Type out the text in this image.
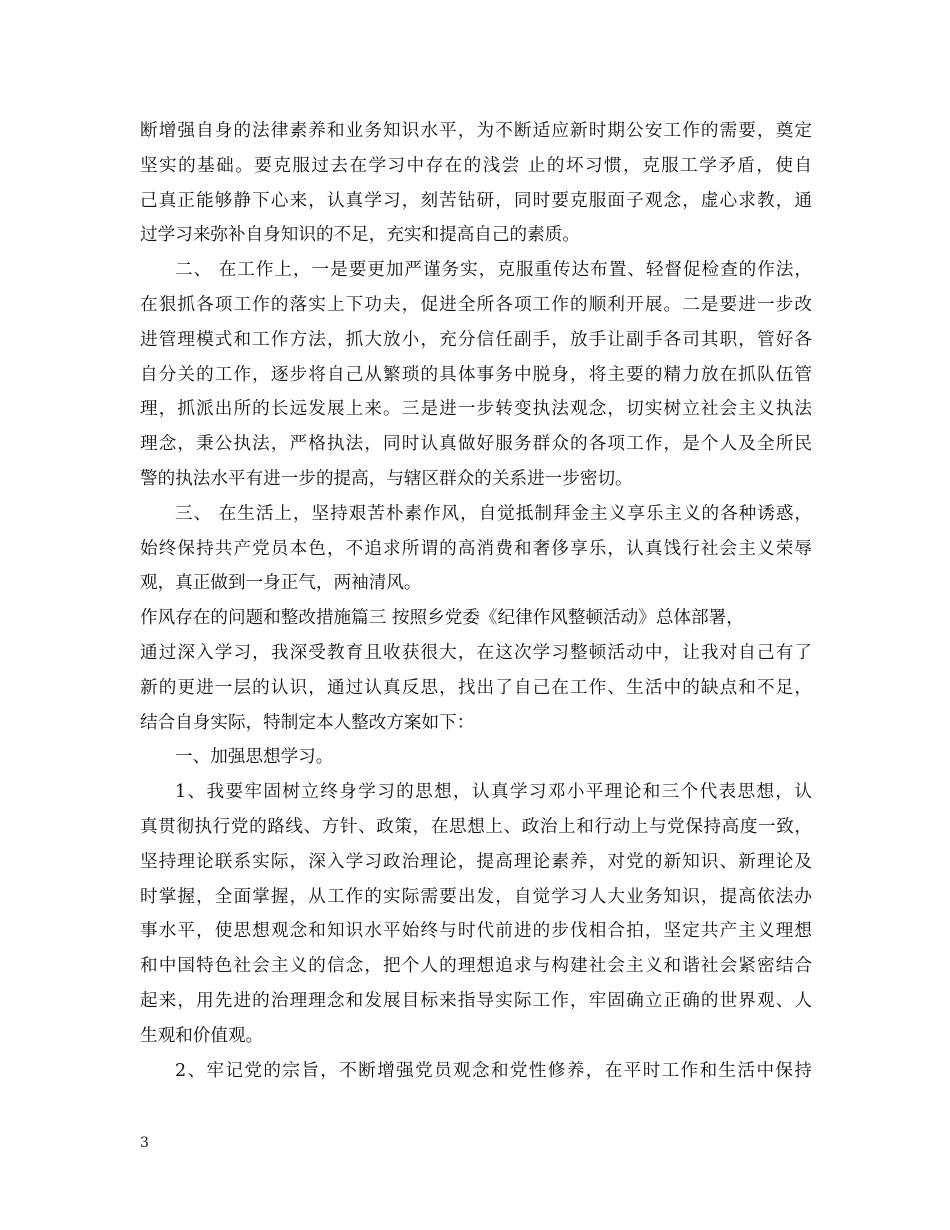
断增强自身的法律素养和业务知识水平，为不断适应新时期公安工作的需要，奠定
坚实的基础。要克服过去在学习中存在的浅尝 止的坏习惯，克服工学矛盾，使自
己真正能够静下心来，认真学习，刻苦钻研，同时要克服面子观念，虚心求教，通
过学习来弥补自身知识的不足，充实和提高自己的素质。
二、 在工作上，一是要更加严谨务实，克服重传达布置、轻督促检查的作法，
在狠抓各项工作的落实上下功夫，促进全所各项工作的顺利开展。二是要进一步改
进管理模式和工作方法，抓大放小，充分信任副手，放手让副手各司其职，管好各
自分关的工作，逐步将自己从繁琐的具体事务中脱身，将主要的精力放在抓队伍管
理，抓派出所的长远发展上来。三是进一步转变执法观念，切实树立社会主义执法
理念，秉公执法，严格执法，同时认真做好服务群众的各项工作，是个人及全所民
警的执法水平有进一步的提高，与辖区群众的关系进一步密切。
三、 在生活上，坚持艰苦朴素作风，自觉抵制拜金主义享乐主义的各种诱惑，
始终保持共产党员本色，不追求所谓的高消费和奢侈享乐，认真饯行社会主义荣辱
观，真正做到一身正气，两袖清风。
作风存在的问题和整改措施篇三 按照乡党委《纪律作风整顿活动》总体部署，
通过深入学习，我深受教育且收获很大，在这次学习整顿活动中，让我对自己有了
新的更进一层的认识，通过认真反思，找出了自己在工作、生活中的缺点和不足，
结合自身实际，特制定本人整改方案如下：
一、加强思想学习。
1、我要牢固树立终身学习的思想，认真学习邓小平理论和三个代表思想，认
真贯彻执行党的路线、方针、政策，在思想上、政治上和行动上与党保持高度一致，
坚持理论联系实际，深入学习政治理论，提高理论素养，对党的新知识、新理论及
时掌握，全面掌握，从工作的实际需要出发，自觉学习人大业务知识，提高依法办
事水平，使思想观念和知识水平始终与时代前进的步伐相合拍，坚定共产主义理想
和中国特色社会主义的信念，把个人的理想追求与构建社会主义和谐社会紧密结合
起来，用先进的治理理念和发展目标来指导实际工作，牢固确立正确的世界观、人
生观和价值观。
2、牢记党的宗旨，不断增强党员观念和党性修养，在平时工作和生活中保持
3
